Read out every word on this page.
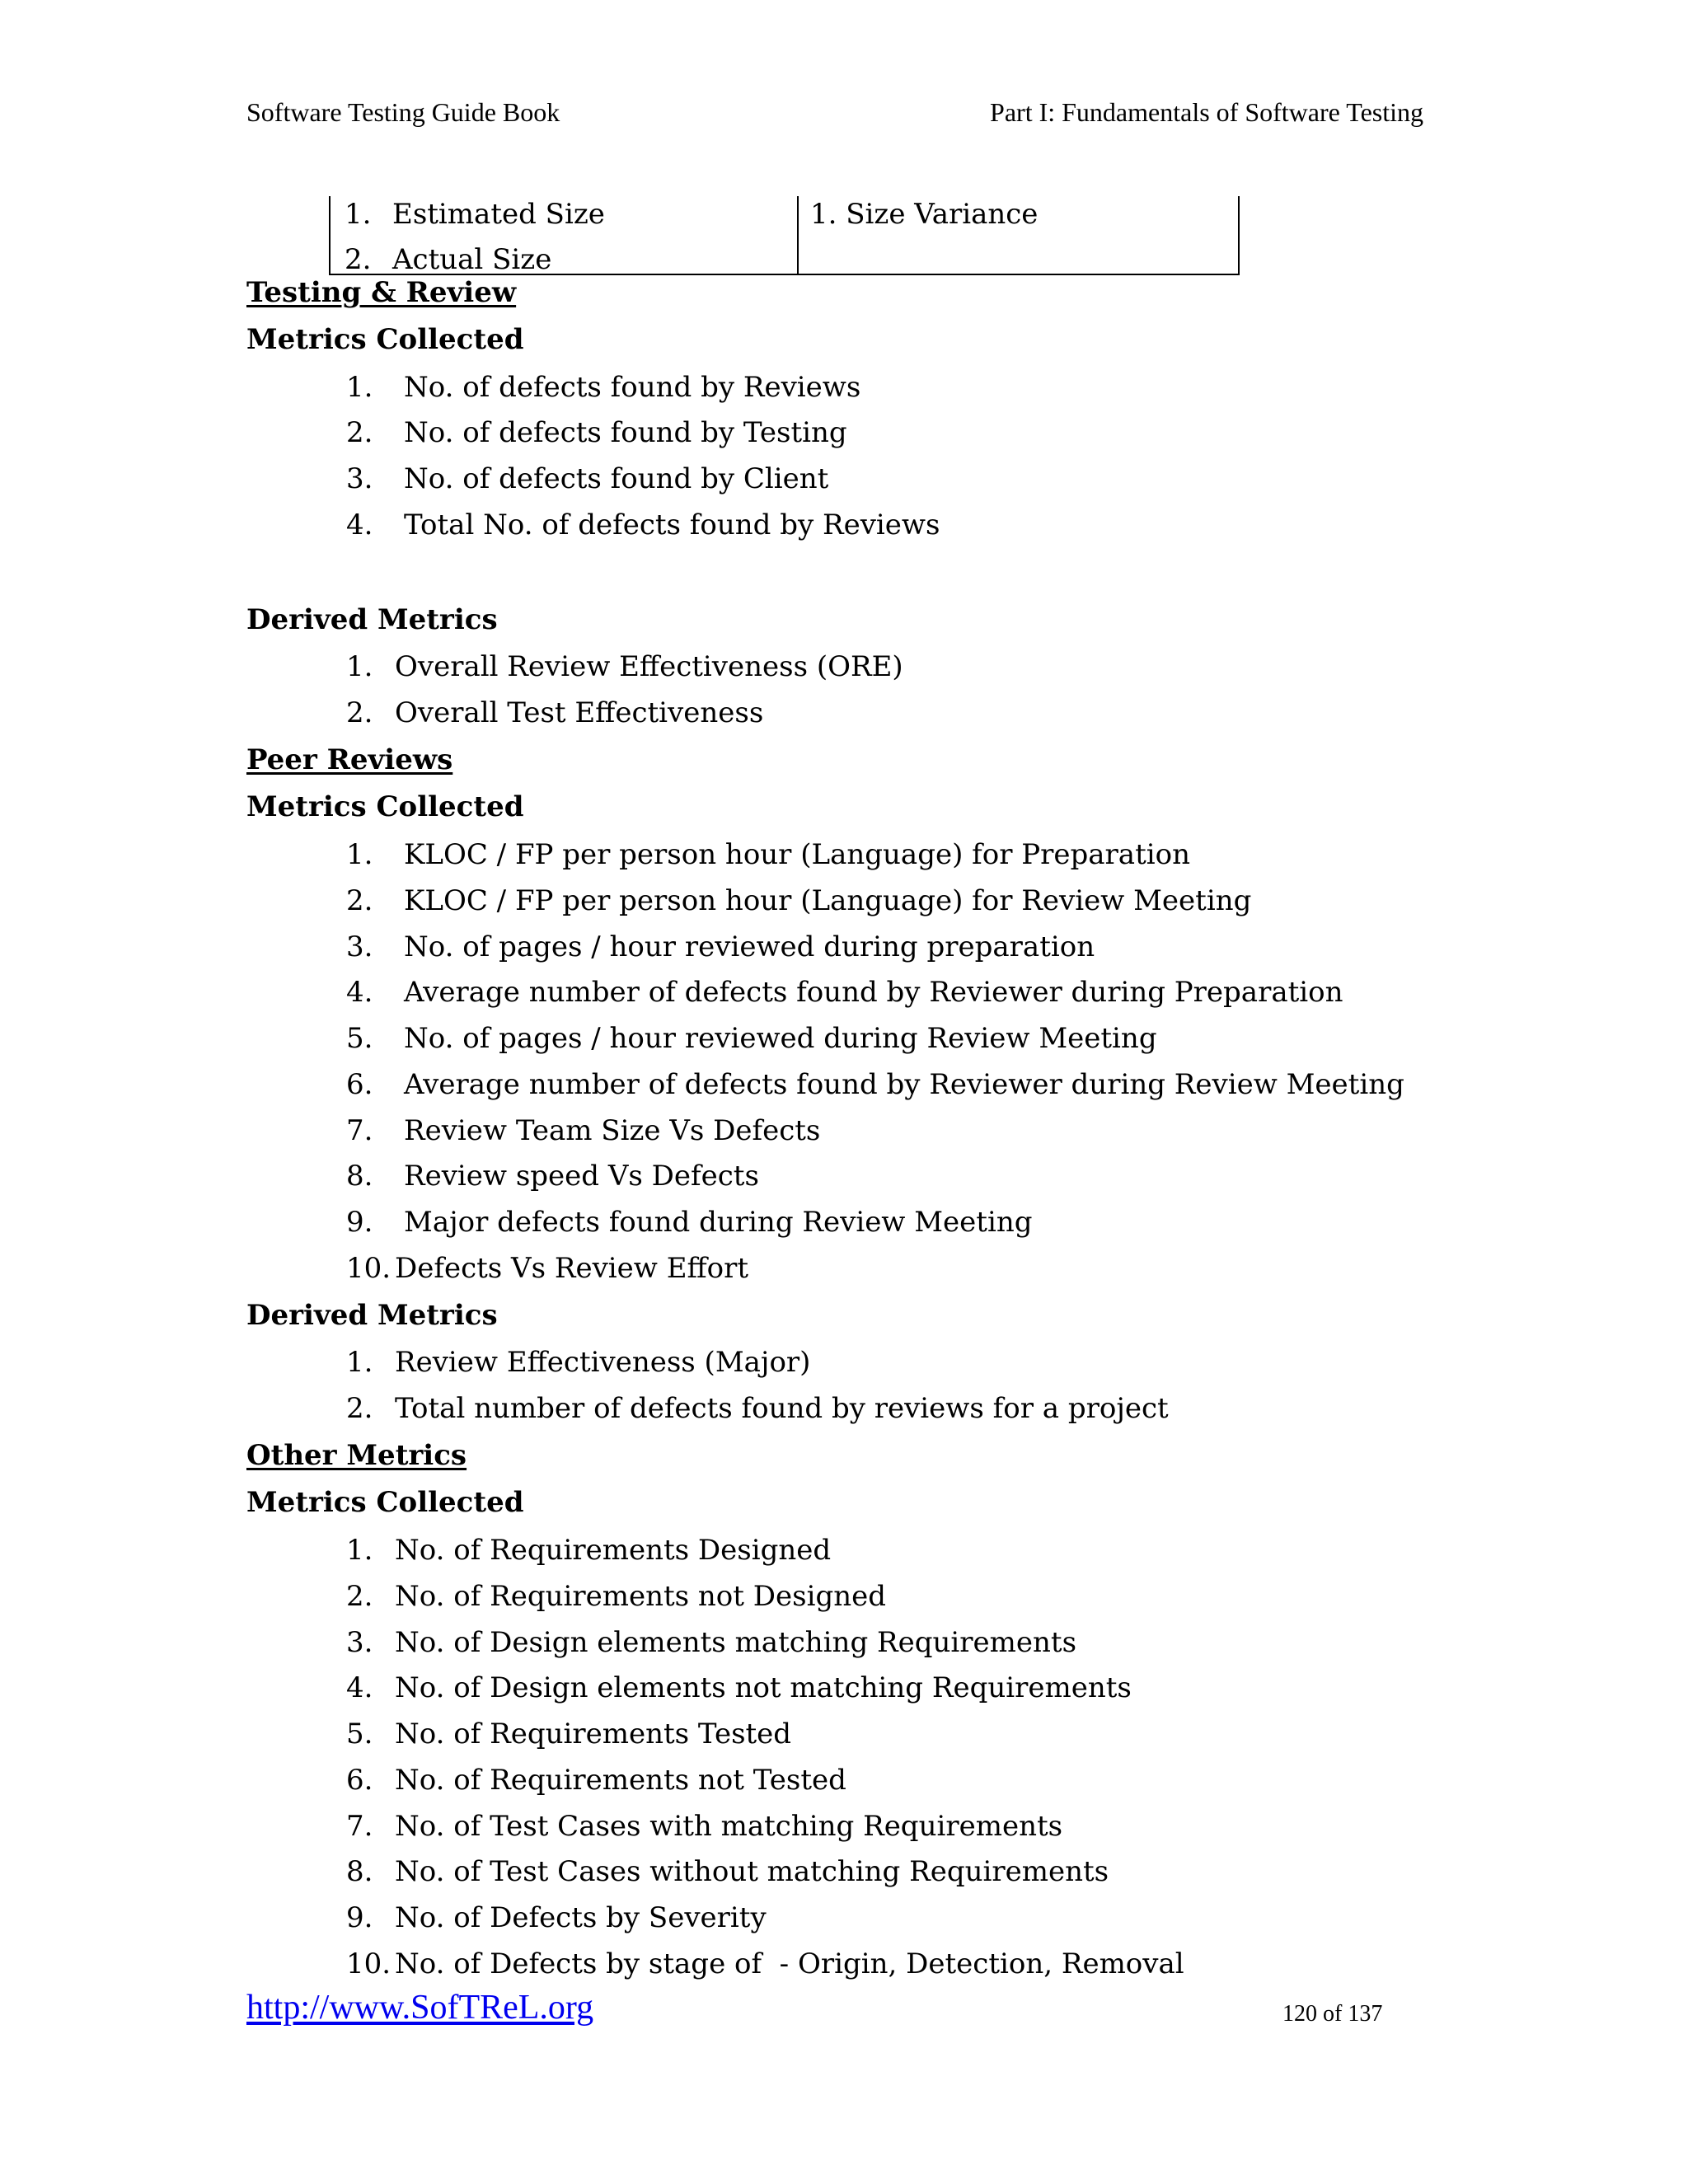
Software Testing Guide Book	Part I: Fundamentals of Software Testing
1. Estimated Size
2. Actual Size
1. Size Variance
Testing & Review
Metrics Collected
1. No. of defects found by Reviews
2. No. of defects found by Testing
3. No. of defects found by Client
4. Total No. of defects found by Reviews
Derived Metrics
1. Overall Review Effectiveness (ORE)
2. Overall Test Effectiveness
Peer Reviews
Metrics Collected
1. KLOC / FP per person hour (Language) for Preparation
2. KLOC / FP per person hour (Language) for Review Meeting
3. No. of pages / hour reviewed during preparation
4. Average number of defects found by Reviewer during Preparation
5. No. of pages / hour reviewed during Review Meeting
6. Average number of defects found by Reviewer during Review Meeting
7. Review Team Size Vs Defects
8. Review speed Vs Defects
9. Major defects found during Review Meeting
10. Defects Vs Review Effort
Derived Metrics
1. Review Effectiveness (Major)
2. Total number of defects found by reviews for a project
Other Metrics
Metrics Collected
1. No. of Requirements Designed
2. No. of Requirements not Designed
3. No. of Design elements matching Requirements
4. No. of Design elements not matching Requirements
5. No. of Requirements Tested
6. No. of Requirements not Tested
7. No. of Test Cases with matching Requirements
8. No. of Test Cases without matching Requirements
9. No. of Defects by Severity
10. No. of Defects by stage of  - Origin, Detection, Removal
http://www.SofTReL.org	120 of 137
